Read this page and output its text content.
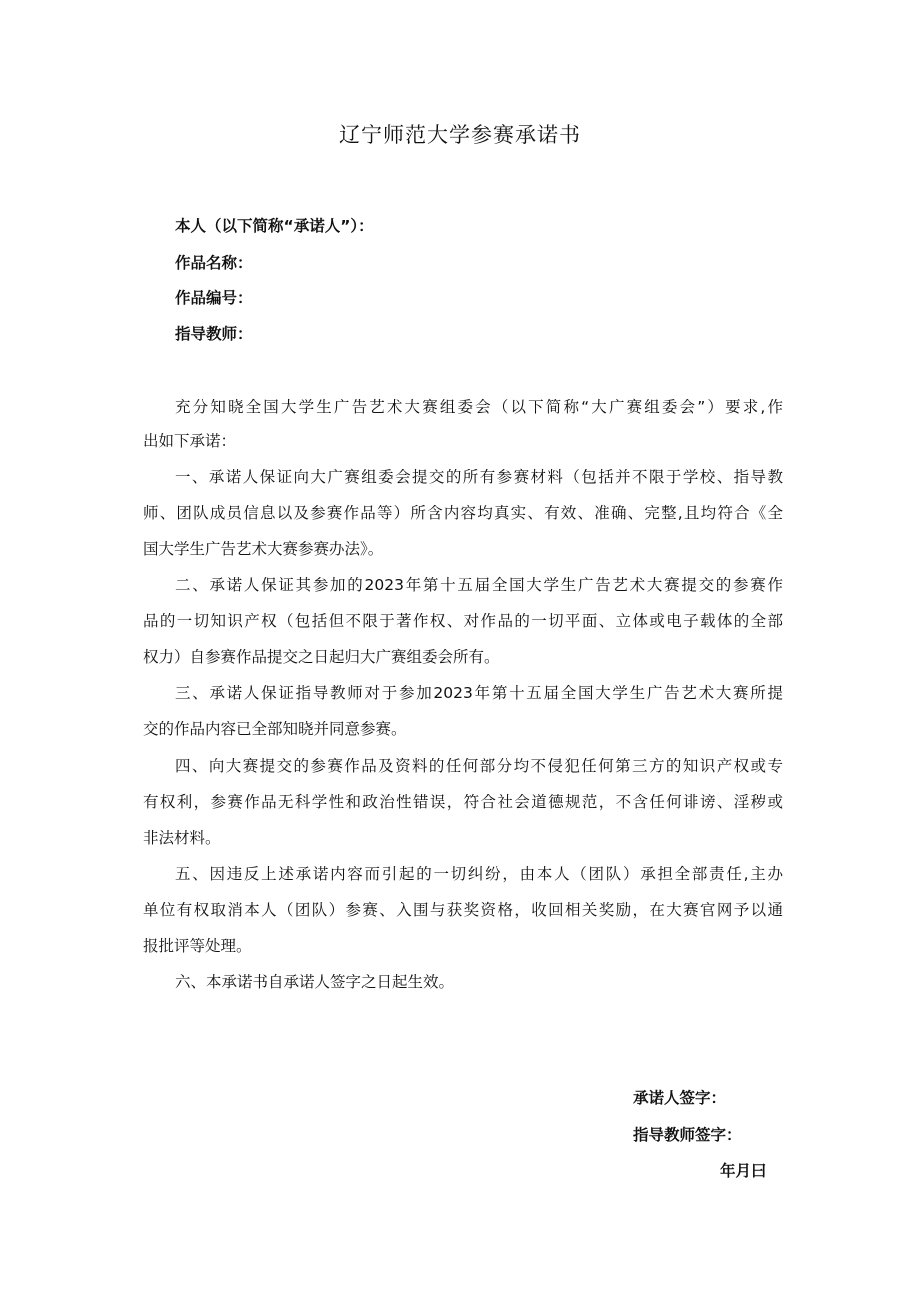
辽宁师范大学参赛承诺书
本人（以下简称“承诺人”）：
作品名称：
作品编号：
指导教师：
充分知晓全国大学生广告艺术大赛组委会（以下简称“大广赛组委会”）要求,作
出如下承诺：
一、承诺人保证向大广赛组委会提交的所有参赛材料（包括并不限于学校、指导教
师、团队成员信息以及参赛作品等）所含内容均真实、有效、准确、完整,且均符合《全
国大学生广告艺术大赛参赛办法》。
二、承诺人保证其参加的2023年第十五届全国大学生广告艺术大赛提交的参赛作
品的一切知识产权（包括但不限于著作权、对作品的一切平面、立体或电子载体的全部
权力）自参赛作品提交之日起归大广赛组委会所有。
三、承诺人保证指导教师对于参加2023年第十五届全国大学生广告艺术大赛所提
交的作品内容已全部知晓并同意参赛。
四、向大赛提交的参赛作品及资料的任何部分均不侵犯任何第三方的知识产权或专
有权利，参赛作品无科学性和政治性错误，符合社会道德规范，不含任何诽谤、淫秽或
非法材料。
五、因违反上述承诺内容而引起的一切纠纷，由本人（团队）承担全部责任,主办
单位有权取消本人（团队）参赛、入围与获奖资格，收回相关奖励，在大赛官网予以通
报批评等处理。
六、本承诺书自承诺人签字之日起生效。
承诺人签字：
指导教师签字：
年月曰
